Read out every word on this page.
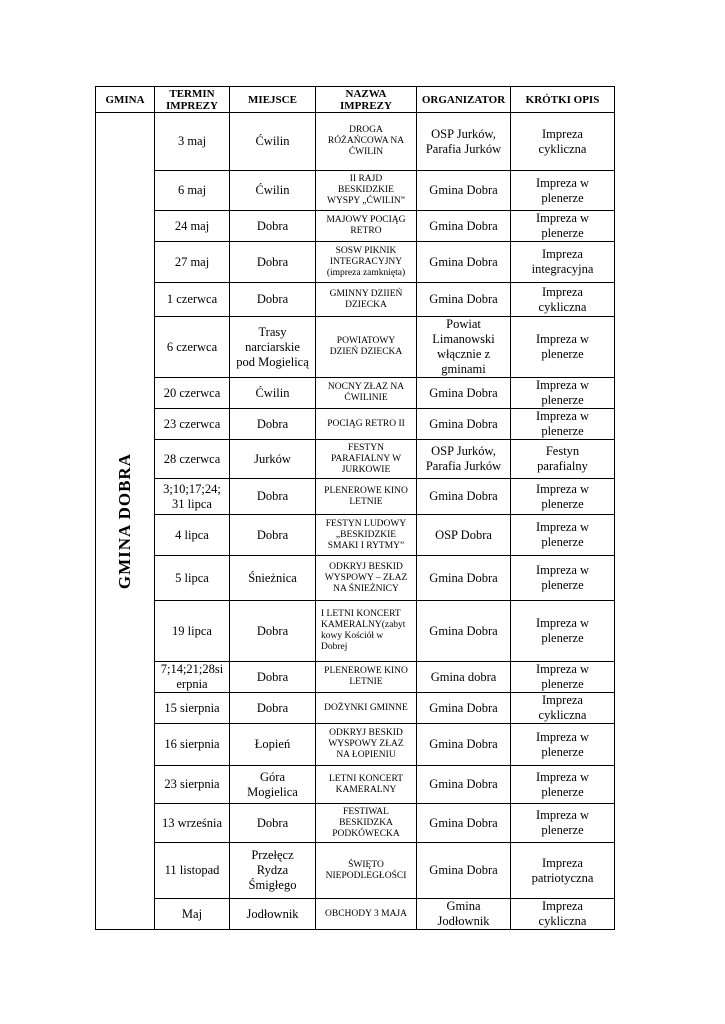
GMINA	TERMIN
IMPREZY	MIEJSCE	NAZWA
IMPREZY	ORGANIZATOR	KRÓTKI OPIS

GMINA DOBRA	3 maj	Ćwilin	DROGA
RÓŻAŃCOWA NA
ĆWILIN	OSP Jurków,
Parafia Jurków	Impreza
cykliczna

	6 maj	Ćwilin	II RAJD
BESKIDZKIE
WYSPY „ĆWILIN”	Gmina Dobra	Impreza w
plenerze

	24 maj	Dobra	MAJOWY POCIĄG
RETRO	Gmina Dobra	Impreza w
plenerze

	27 maj	Dobra	SOSW PIKNIK
INTEGRACYJNY
(impreza zamknięta)	Gmina Dobra	Impreza
integracyjna

	1 czerwca	Dobra	GMINNY DZIIEŃ
DZIECKA	Gmina Dobra	Impreza
cykliczna

	6 czerwca	Trasy
narciarskie
pod Mogielicą	POWIATOWY
DZIEŃ DZIECKA	Powiat
Limanowski
włącznie z
gminami	Impreza w
plenerze

	20 czerwca	Ćwilin	NOCNY ZŁAZ NA
ĆWILINIE	Gmina Dobra	Impreza w
plenerze

	23 czerwca	Dobra	POCIĄG RETRO II	Gmina Dobra	Impreza w
plenerze

	28 czerwca	Jurków	FESTYN
PARAFIALNY W
JURKOWIE	OSP Jurków,
Parafia Jurków	Festyn
parafialny

	3;10;17;24;
31 lipca	Dobra	PLENEROWE KINO
LETNIE	Gmina Dobra	Impreza w
plenerze

	4 lipca	Dobra	FESTYN LUDOWY
„BESKIDZKIE
SMAKI I RYTMY”	OSP Dobra	Impreza w
plenerze

	5 lipca	Śnieżnica	ODKRYJ BESKID
WYSPOWY – ZŁAZ
NA ŚNIEŻNICY	Gmina Dobra	Impreza w
plenerze

	19 lipca	Dobra	I LETNI KONCERT
KAMERALNY(zabyt
kowy Kościół w
Dobrej	Gmina Dobra	Impreza w
plenerze

	7;14;21;28si
erpnia	Dobra	PLENEROWE KINO
LETNIE	Gmina dobra	Impreza w
plenerze

	15 sierpnia	Dobra	DOŻYNKI GMINNE	Gmina Dobra	Impreza
cykliczna

	16 sierpnia	Łopień	ODKRYJ BESKID
WYSPOWY ZŁAZ
NA ŁOPIENIU	Gmina Dobra	Impreza w
plenerze

	23 sierpnia	Góra
Mogielica	LETNI KONCERT
KAMERALNY	Gmina Dobra	Impreza w
plenerze

	13 września	Dobra	FESTIWAL
BESKIDZKA
PODKÓWECKA	Gmina Dobra	Impreza w
plenerze

	11 listopad	Przełęcz
Rydza
Śmigłego	ŚWIĘTO
NIEPODLEGŁOŚCI	Gmina Dobra	Impreza
patriotyczna

	Maj	Jodłownik	OBCHODY 3 MAJA	Gmina Jodłownik	Impreza
cykliczna
